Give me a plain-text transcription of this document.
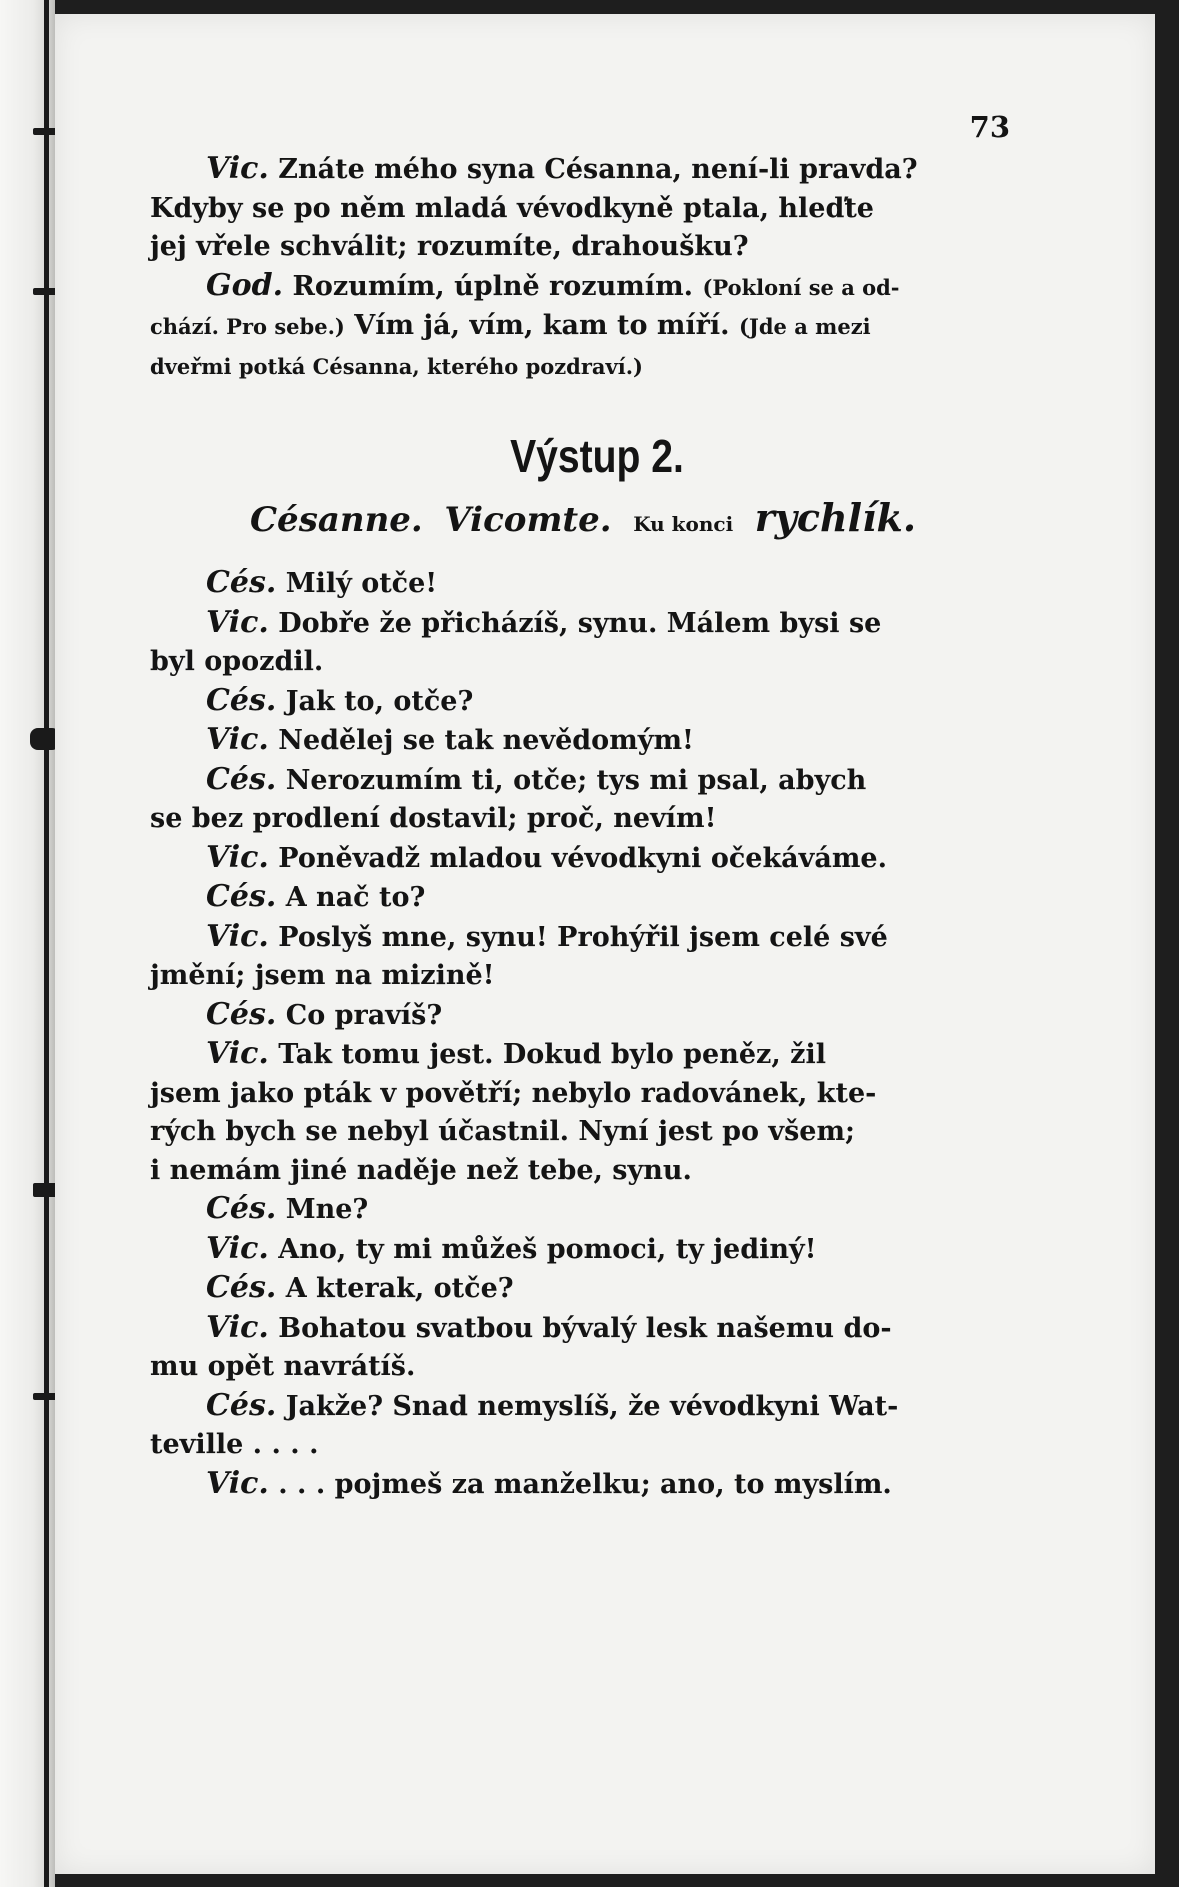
73

Vic. Znáte mého syna Césanna, není-li pravda?

Kdyby se po něm mladá vévodkyně ptala, hleďte

jej vřele schválit; rozumíte, drahoušku?

God. Rozumím, úplně rozumím. (Pokloní se a od-

chází. Pro sebe.) Vím já, vím, kam to míří. (Jde a mezi

dveřmi potká Césanna, kterého pozdraví.)

Výstup 2.
Césanne. Vicomte. Ku konci rychlík.

Cés. Milý otče!

Vic. Dobře že přicházíš, synu. Málem bysi se

byl opozdil.

Cés. Jak to, otče?

Vic. Nedělej se tak nevědomým!

Cés. Nerozumím ti, otče; tys mi psal, abych

se bez prodlení dostavil; proč, nevím!

Vic. Poněvadž mladou vévodkyni očekáváme.

Cés. A nač to?

Vic. Poslyš mne, synu! Prohýřil jsem celé své

jmění; jsem na mizině!

Cés. Co pravíš?

Vic. Tak tomu jest. Dokud bylo peněz, žil

jsem jako pták v povětří; nebylo radovánek, kte-

rých bych se nebyl účastnil. Nyní jest po všem;

i nemám jiné naděje než tebe, synu.

Cés. Mne?

Vic. Ano, ty mi můžeš pomoci, ty jediný!

Cés. A kterak, otče?

Vic. Bohatou svatbou bývalý lesk našemu do-

mu opět navrátíš.

Cés. Jakže? Snad nemyslíš, že vévodkyni Wat-

teville . . . .

Vic. . . . pojmeš za manželku; ano, to myslím.
